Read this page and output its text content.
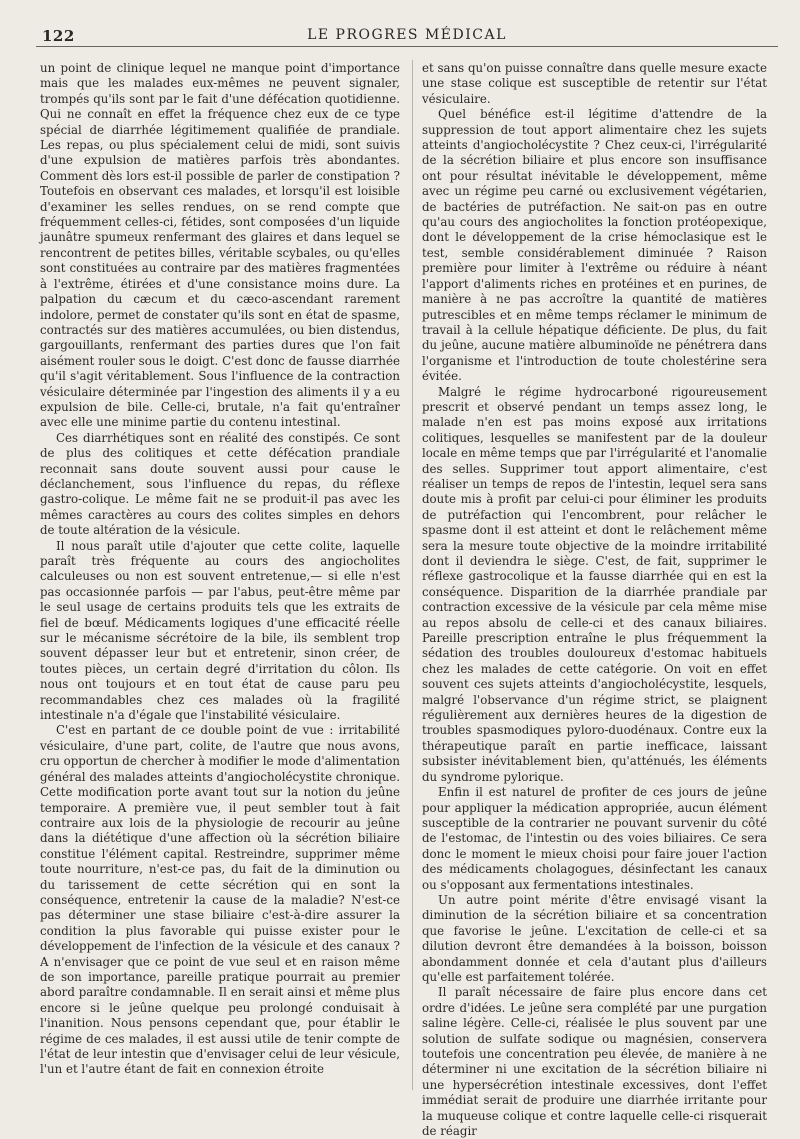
122	LE PROGRES MÉDICAL

un point de clinique lequel ne manque point d'importance mais que les malades eux-mêmes ne peuvent signaler, trompés qu'ils sont par le fait d'une défécation quotidienne. Qui ne connaît en effet la fréquence chez eux de ce type spécial de diarrhée légitimement qualifiée de prandiale. Les repas, ou plus spécialement celui de midi, sont suivis d'une expulsion de matières parfois très abondantes. Comment dès lors est-il possible de parler de constipation ? Toutefois en observant ces malades, et lorsqu'il est loisible d'examiner les selles rendues, on se rend compte que fréquemment celles-ci, fétides, sont composées d'un liquide jaunâtre spumeux renfermant des glaires et dans lequel se rencontrent de petites billes, véritable scybales, ou qu'elles sont constituées au contraire par des matières fragmentées à l'extrême, étirées et d'une consistance moins dure. La palpation du cæcum et du cæco-ascendant rarement indolore, permet de constater qu'ils sont en état de spasme, contractés sur des matières accumulées, ou bien distendus, gargouillants, renfermant des parties dures que l'on fait aisément rouler sous le doigt. C'est donc de fausse diarrhée qu'il s'agit véritablement. Sous l'influence de la contraction vésiculaire déterminée par l'ingestion des aliments il y a eu expulsion de bile. Celle-ci, brutale, n'a fait qu'entraîner avec elle une minime partie du contenu intestinal.

Ces diarrhétiques sont en réalité des constipés. Ce sont de plus des colitiques et cette défécation prandiale reconnait sans doute souvent aussi pour cause le déclanchement, sous l'influence du repas, du réflexe gastro-colique. Le même fait ne se produit-il pas avec les mêmes caractères au cours des colites simples en dehors de toute altération de la vésicule.

Il nous paraît utile d'ajouter que cette colite, laquelle paraît très fréquente au cours des angiocholites calculeuses ou non est souvent entretenue,— si elle n'est pas occasionnée parfois — par l'abus, peut-être même par le seul usage de certains produits tels que les extraits de fiel de bœuf. Médicaments logiques d'une efficacité réelle sur le mécanisme sécrétoire de la bile, ils semblent trop souvent dépasser leur but et entretenir, sinon créer, de toutes pièces, un certain degré d'irritation du côlon. Ils nous ont toujours et en tout état de cause paru peu recommandables chez ces malades où la fragilité intestinale n'a d'égale que l'instabilité vésiculaire.

C'est en partant de ce double point de vue : irritabilité vésiculaire, d'une part, colite, de l'autre que nous avons, cru opportun de chercher à modifier le mode d'alimentation général des malades atteints d'angiocholécystite chronique. Cette modification porte avant tout sur la notion du jeûne temporaire. A première vue, il peut sembler tout à fait contraire aux lois de la physiologie de recourir au jeûne dans la diététique d'une affection où la sécrétion biliaire constitue l'élément capital. Restreindre, supprimer même toute nourriture, n'est-ce pas, du fait de la diminution ou du tarissement de cette sécrétion qui en sont la conséquence, entretenir la cause de la maladie? N'est-ce pas déterminer une stase biliaire c'est-à-dire assurer la condition la plus favorable qui puisse exister pour le développement de l'infection de la vésicule et des canaux ? A n'envisager que ce point de vue seul et en raison même de son importance, pareille pratique pourrait au premier abord paraître condamnable. Il en serait ainsi et même plus encore si le jeûne quelque peu prolongé conduisait à l'inanition. Nous pensons cependant que, pour établir le régime de ces malades, il est aussi utile de tenir compte de l'état de leur intestin que d'envisager celui de leur vésicule, l'un et l'autre étant de fait en connexion étroite

et sans qu'on puisse connaître dans quelle mesure exacte une stase colique est susceptible de retentir sur l'état vésiculaire.

Quel bénéfice est-il légitime d'attendre de la suppression de tout apport alimentaire chez les sujets atteints d'angiocholécystite ? Chez ceux-ci, l'irrégularité de la sécrétion biliaire et plus encore son insuffisance ont pour résultat inévitable le développement, même avec un régime peu carné ou exclusivement végétarien, de bactéries de putréfaction. Ne sait-on pas en outre qu'au cours des angiocholites la fonction protéopexique, dont le développement de la crise hémoclasique est le test, semble considérablement diminuée ? Raison première pour limiter à l'extrême ou réduire à néant l'apport d'aliments riches en protéines et en purines, de manière à ne pas accroître la quantité de matières putrescibles et en même temps réclamer le minimum de travail à la cellule hépatique déficiente. De plus, du fait du jeûne, aucune matière albuminoïde ne pénétrera dans l'organisme et l'introduction de toute cholestérine sera évitée.

Malgré le régime hydrocarboné rigoureusement prescrit et observé pendant un temps assez long, le malade n'en est pas moins exposé aux irritations colitiques, lesquelles se manifestent par de la douleur locale en même temps que par l'irrégularité et l'anomalie des selles. Supprimer tout apport alimentaire, c'est réaliser un temps de repos de l'intestin, lequel sera sans doute mis à profit par celui-ci pour éliminer les produits de putréfaction qui l'encombrent, pour relâcher le spasme dont il est atteint et dont le relâchement même sera la mesure toute objective de la moindre irritabilité dont il deviendra le siège. C'est, de fait, supprimer le réflexe gastrocolique et la fausse diarrhée qui en est la conséquence. Disparition de la diarrhée prandiale par contraction excessive de la vésicule par cela même mise au repos absolu de celle-ci et des canaux biliaires. Pareille prescription entraîne le plus fréquemment la sédation des troubles douloureux d'estomac habituels chez les malades de cette catégorie. On voit en effet souvent ces sujets atteints d'angiocholécystite, lesquels, malgré l'observance d'un régime strict, se plaignent régulièrement aux dernières heures de la digestion de troubles spasmodiques pyloro-duodénaux. Contre eux la thérapeutique paraît en partie inefficace, laissant subsister inévitablement bien, qu'atténués, les éléments du syndrome pylorique.

Enfin il est naturel de profiter de ces jours de jeûne pour appliquer la médication appropriée, aucun élément susceptible de la contrarier ne pouvant survenir du côté de l'estomac, de l'intestin ou des voies biliaires. Ce sera donc le moment le mieux choisi pour faire jouer l'action des médicaments cholagogues, désinfectant les canaux ou s'opposant aux fermentations intestinales.

Un autre point mérite d'être envisagé visant la diminution de la sécrétion biliaire et sa concentration que favorise le jeûne. L'excitation de celle-ci et sa dilution devront être demandées à la boisson, boisson abondamment donnée et cela d'autant plus d'ailleurs qu'elle est parfaitement tolérée.

Il paraît nécessaire de faire plus encore dans cet ordre d'idées. Le jeûne sera complété par une purgation saline légère. Celle-ci, réalisée le plus souvent par une solution de sulfate sodique ou magnésien, conservera toutefois une concentration peu élevée, de manière à ne déterminer ni une excitation de la sécrétion biliaire ni une hypersécrétion intestinale excessives, dont l'effet immédiat serait de produire une diarrhée irritante pour la muqueuse colique et contre laquelle celle-ci risquerait de réagir
